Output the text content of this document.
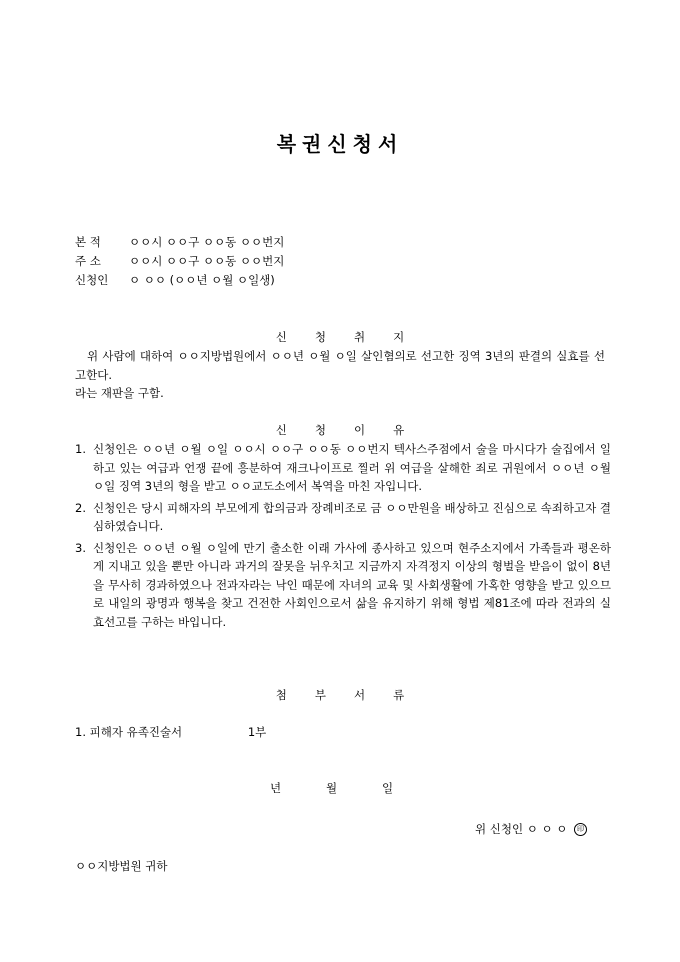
복권신청서
본 적 ㅇㅇ시 ㅇㅇ구 ㅇㅇ동 ㅇㅇ번지
주 소 ㅇㅇ시 ㅇㅇ구 ㅇㅇ동 ㅇㅇ번지
신청인 ㅇ ㅇㅇ (ㅇㅇ년 ㅇ월 ㅇ일생)
신 청 취 지
위 사람에 대하여 ㅇㅇ지방법원에서 ㅇㅇ년 ㅇ월 ㅇ일 살인혐의로 선고한 징역 3년의 판결의 실효를 선고한다.
라는 재판을 구함.
신 청 이 유
1. 신청인은 ㅇㅇ년 ㅇ월 ㅇ일 ㅇㅇ시 ㅇㅇ구 ㅇㅇ동 ㅇㅇ번지 텍사스주점에서 술을 마시다가 술집에서 일하고 있는 여급과 언쟁 끝에 흥분하여 재크나이프로 찔러 위 여급을 살해한 죄로 귀원에서 ㅇㅇ년 ㅇ월 ㅇ일 징역 3년의 형을 받고 ㅇㅇ교도소에서 복역을 마친 자입니다.
2. 신청인은 당시 피해자의 부모에게 합의금과 장례비조로 금 ㅇㅇ만원을 배상하고 진심으로 속죄하고자 결심하였습니다.
3. 신청인은 ㅇㅇ년 ㅇ월 ㅇ일에 만기 출소한 이래 가사에 종사하고 있으며 현주소지에서 가족들과 평온하게 지내고 있을 뿐만 아니라 과거의 잘못을 뉘우치고 지금까지 자격정지 이상의 형벌을 받음이 없이 8년을 무사히 경과하였으나 전과자라는 낙인 때문에 자녀의 교육 및 사회생활에 가혹한 영향을 받고 있으므로 내일의 광명과 행복을 찾고 건전한 사회인으로서 삶을 유지하기 위해 형법 제81조에 따라 전과의 실효선고를 구하는 바입니다.
첨 부 서 류
1. 피해자 유족진술서	1부
년	월	일
위 신청인 ㅇ ㅇ ㅇ 印
ㅇㅇ지방법원 귀하
